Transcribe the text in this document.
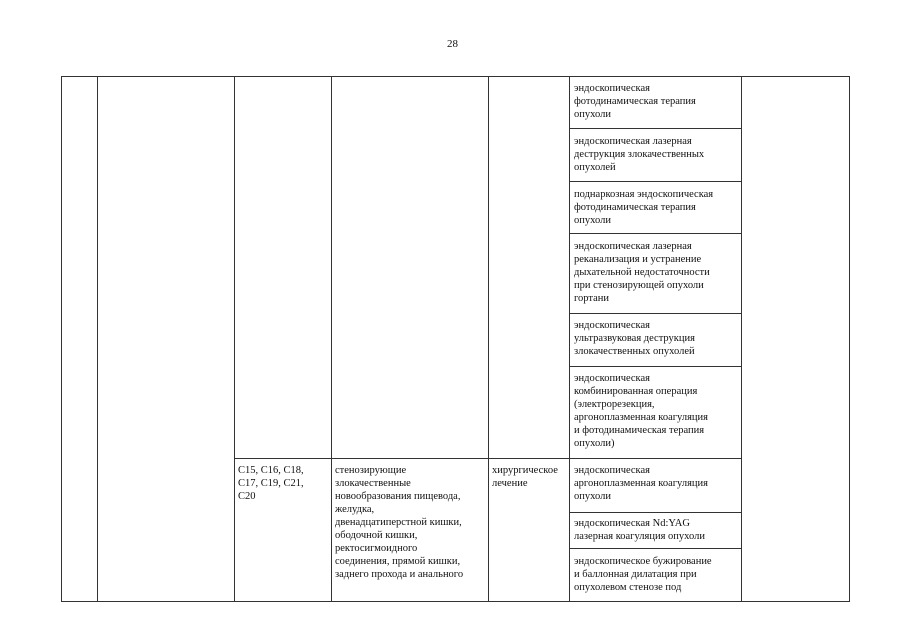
28
эндоскопическая
фотодинамическая терапия
опухоли
эндоскопическая лазерная
деструкция злокачественных
опухолей
поднаркозная эндоскопическая
фотодинамическая терапия
опухоли
эндоскопическая лазерная
реканализация и устранение
дыхательной недостаточности
при стенозирующей опухоли
гортани
эндоскопическая
ультразвуковая деструкция
злокачественных опухолей
эндоскопическая
комбинированная операция
(электрорезекция,
аргоноплазменная коагуляция
и фотодинамическая терапия
опухоли)
С15, С16, С18,
С17, С19, С21,
С20
стенозирующие
злокачественные
новообразования пищевода,
желудка,
двенадцатиперстной кишки,
ободочной кишки,
ректосигмоидного
соединения, прямой кишки,
заднего прохода и анального
хирургическое
лечение
эндоскопическая
аргоноплазменная коагуляция
опухоли
эндоскопическая Nd:YAG
лазерная коагуляция опухоли
эндоскопическое бужирование
и баллонная дилатация при
опухолевом стенозе под
